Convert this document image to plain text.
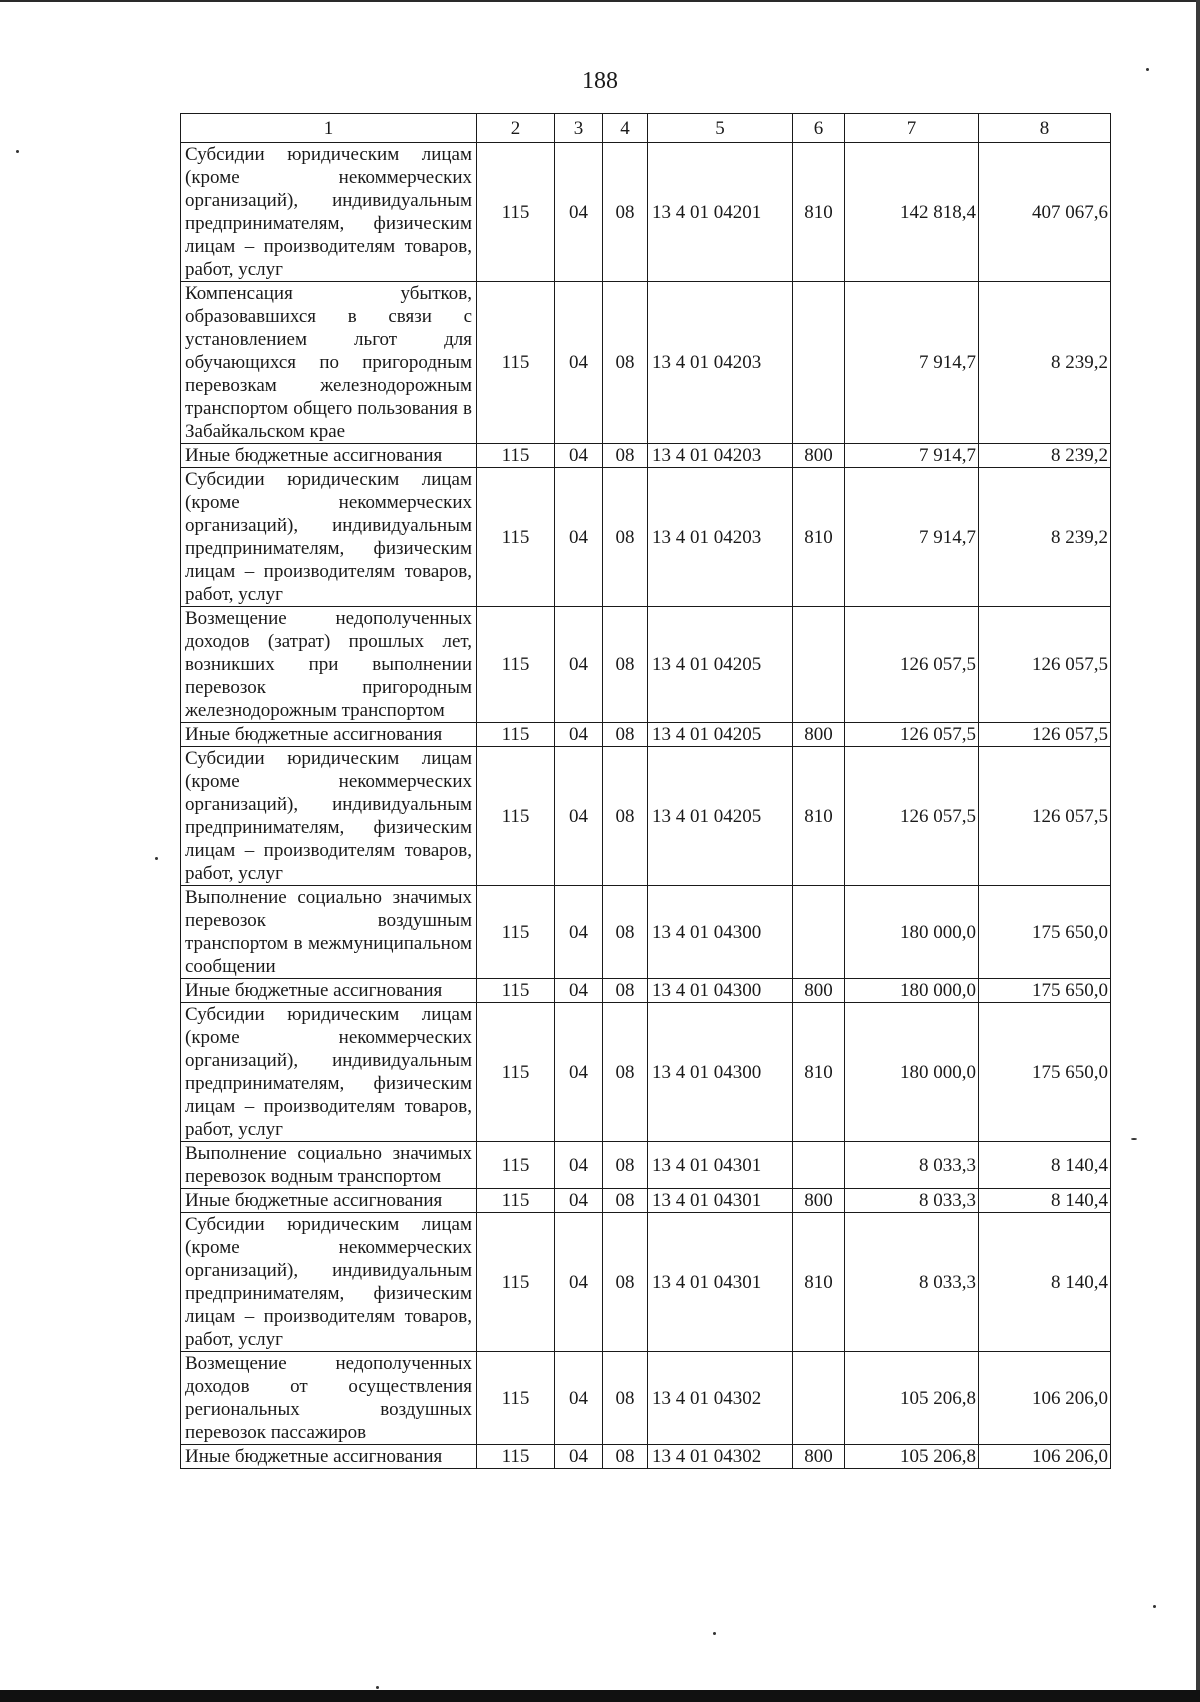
188
1	2	3	4	5	6	7	8
Субсидии юридическим лицам (кроме некоммерческих организаций), индивидуальным предпринимателям, физическим лицам – производителям товаров, работ, услуг	115	04	08	13 4 01 04201	810	142 818,4	407 067,6
Компенсация убытков, образовавшихся в связи с установлением льгот для обучающихся по пригородным перевозкам железнодорожным транспортом общего пользования в Забайкальском крае	115	04	08	13 4 01 04203		7 914,7	8 239,2
Иные бюджетные ассигнования	115	04	08	13 4 01 04203	800	7 914,7	8 239,2
Субсидии юридическим лицам (кроме некоммерческих организаций), индивидуальным предпринимателям, физическим лицам – производителям товаров, работ, услуг	115	04	08	13 4 01 04203	810	7 914,7	8 239,2
Возмещение недополученных доходов (затрат) прошлых лет, возникших при выполнении перевозок пригородным железнодорожным транспортом	115	04	08	13 4 01 04205		126 057,5	126 057,5
Иные бюджетные ассигнования	115	04	08	13 4 01 04205	800	126 057,5	126 057,5
Субсидии юридическим лицам (кроме некоммерческих организаций), индивидуальным предпринимателям, физическим лицам – производителям товаров, работ, услуг	115	04	08	13 4 01 04205	810	126 057,5	126 057,5
Выполнение социально значимых перевозок воздушным транспортом в межмуниципальном сообщении	115	04	08	13 4 01 04300		180 000,0	175 650,0
Иные бюджетные ассигнования	115	04	08	13 4 01 04300	800	180 000,0	175 650,0
Субсидии юридическим лицам (кроме некоммерческих организаций), индивидуальным предпринимателям, физическим лицам – производителям товаров, работ, услуг	115	04	08	13 4 01 04300	810	180 000,0	175 650,0
Выполнение социально значимых перевозок водным транспортом	115	04	08	13 4 01 04301		8 033,3	8 140,4
Иные бюджетные ассигнования	115	04	08	13 4 01 04301	800	8 033,3	8 140,4
Субсидии юридическим лицам (кроме некоммерческих организаций), индивидуальным предпринимателям, физическим лицам – производителям товаров, работ, услуг	115	04	08	13 4 01 04301	810	8 033,3	8 140,4
Возмещение недополученных доходов от осуществления региональных воздушных перевозок пассажиров	115	04	08	13 4 01 04302		105 206,8	106 206,0
Иные бюджетные ассигнования	115	04	08	13 4 01 04302	800	105 206,8	106 206,0
